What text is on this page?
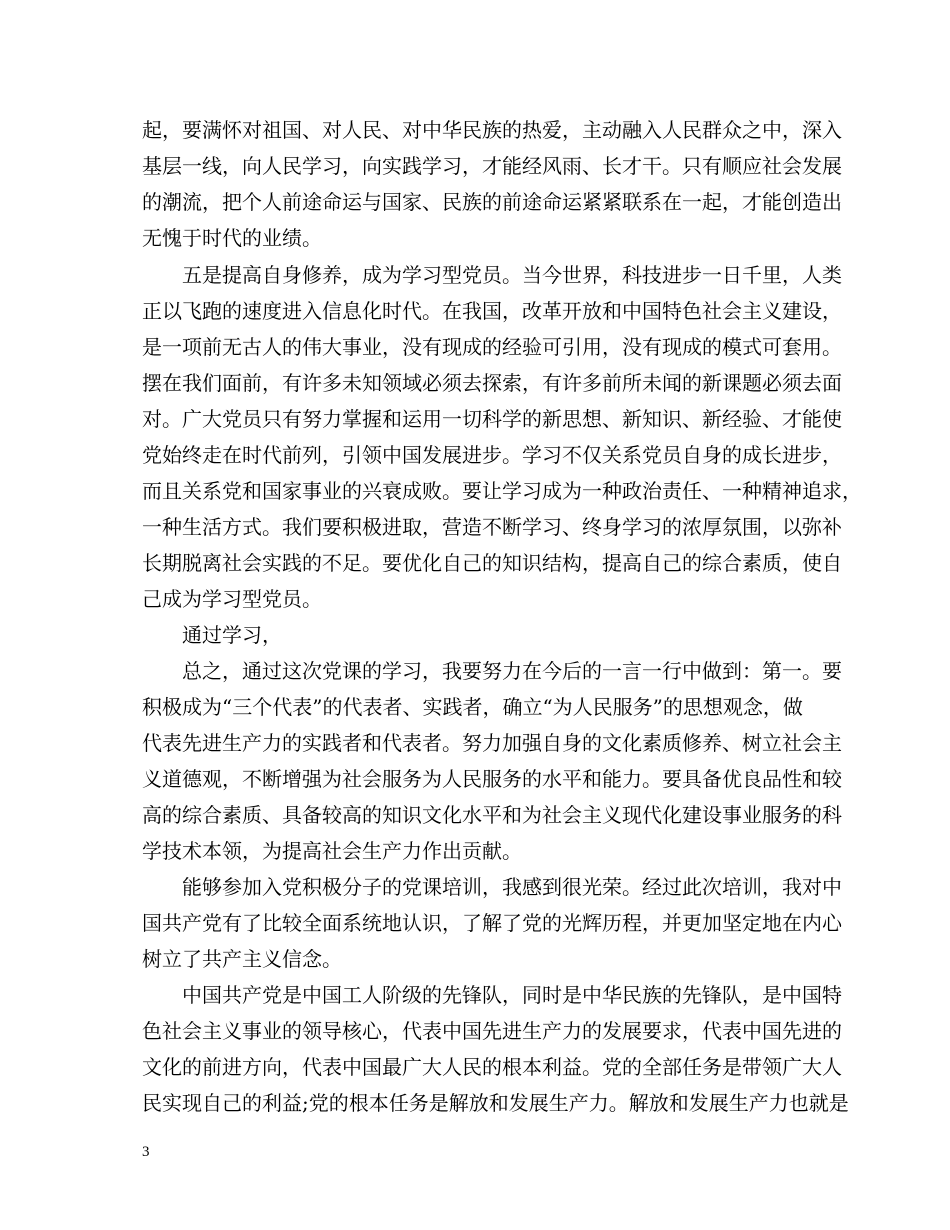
起，要满怀对祖国、对人民、对中华民族的热爱，主动融入人民群众之中，深入
基层一线，向人民学习，向实践学习，才能经风雨、长才干。只有顺应社会发展
的潮流，把个人前途命运与国家、民族的前途命运紧紧联系在一起，才能创造出
无愧于时代的业绩。
五是提高自身修养，成为学习型党员。当今世界，科技进步一日千里，人类
正以飞跑的速度进入信息化时代。在我国，改革开放和中国特色社会主义建设，
是一项前无古人的伟大事业，没有现成的经验可引用，没有现成的模式可套用。
摆在我们面前，有许多未知领域必须去探索，有许多前所未闻的新课题必须去面
对。广大党员只有努力掌握和运用一切科学的新思想、新知识、新经验、才能使
党始终走在时代前列，引领中国发展进步。学习不仅关系党员自身的成长进步，
而且关系党和国家事业的兴衰成败。要让学习成为一种政治责任、一种精神追求，
一种生活方式。我们要积极进取，营造不断学习、终身学习的浓厚氛围，以弥补
长期脱离社会实践的不足。要优化自己的知识结构，提高自己的综合素质，使自
己成为学习型党员。
通过学习，
总之，通过这次党课的学习，我要努力在今后的一言一行中做到：第一。要
积极成为“三个代表”的代表者、实践者，确立“为人民服务”的思想观念，做
代表先进生产力的实践者和代表者。努力加强自身的文化素质修养、树立社会主
义道德观，不断增强为社会服务为人民服务的水平和能力。要具备优良品性和较
高的综合素质、具备较高的知识文化水平和为社会主义现代化建设事业服务的科
学技术本领，为提高社会生产力作出贡献。
能够参加入党积极分子的党课培训，我感到很光荣。经过此次培训，我对中
国共产党有了比较全面系统地认识，了解了党的光辉历程，并更加坚定地在内心
树立了共产主义信念。
中国共产党是中国工人阶级的先锋队，同时是中华民族的先锋队，是中国特
色社会主义事业的领导核心，代表中国先进生产力的发展要求，代表中国先进的
文化的前进方向，代表中国最广大人民的根本利益。党的全部任务是带领广大人
民实现自己的利益;党的根本任务是解放和发展生产力。解放和发展生产力也就是
3
